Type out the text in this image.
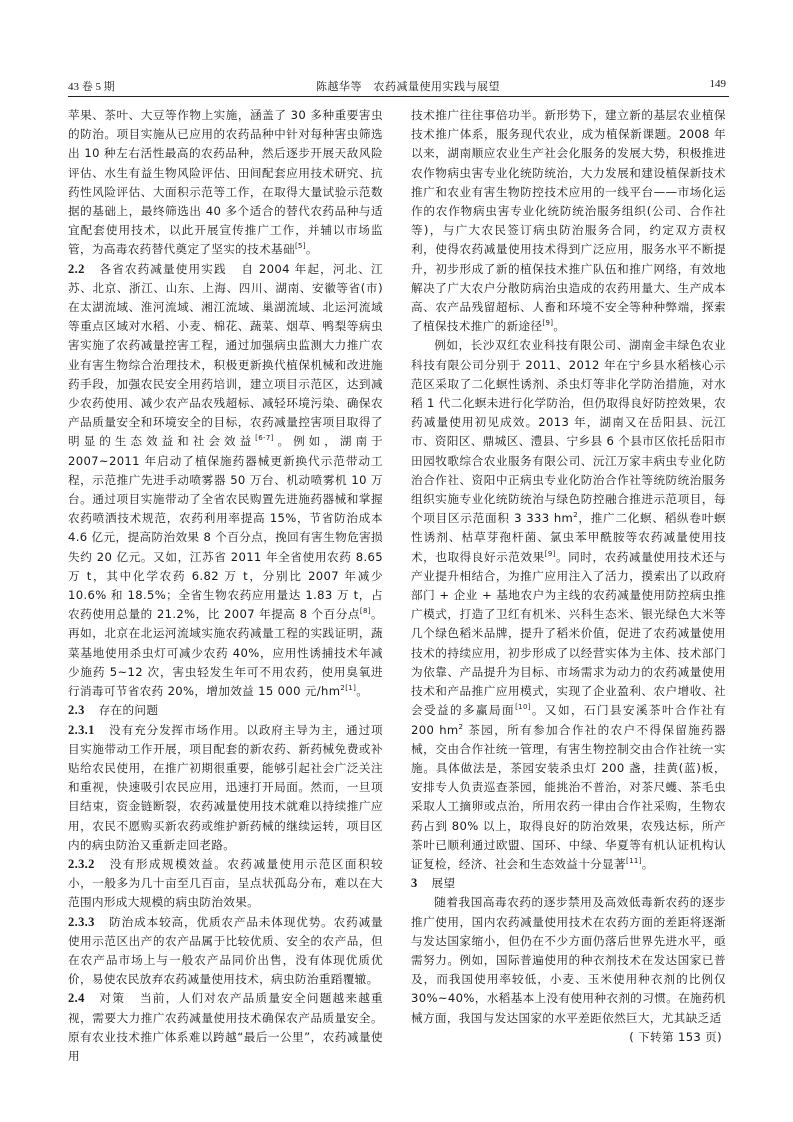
43 卷 5 期	陈越华等　农药减量使用实践与展望	149

苹果、茶叶、大豆等作物上实施，涵盖了 30 多种重要害虫的防治。项目实施从已应用的农药品种中针对每种害虫筛选出 10 种左右活性最高的农药品种，然后逐步开展天敌风险评估、水生有益生物风险评估、田间配套应用技术研究、抗药性风险评估、大面积示范等工作，在取得大量试验示范数据的基础上，最终筛选出 40 多个适合的替代农药品种与适宜配套使用技术，以此开展宣传推广工作，并辅以市场监管，为高毒农药替代奠定了坚实的技术基础[5]。

2.2 各省农药减量使用实践 自 2004 年起，河北、江苏、北京、浙江、山东、上海、四川、湖南、安徽等省(市)在太湖流域、淮河流域、湘江流域、巢湖流域、北运河流域等重点区域对水稻、小麦、棉花、蔬菜、烟草、鸭梨等病虫害实施了农药减量控害工程，通过加强病虫监测大力推广农业有害生物综合治理技术，积极更新换代植保机械和改进施药手段，加强农民安全用药培训，建立项目示范区，达到减少农药使用、减少农产品农残超标、减轻环境污染、确保农产品质量安全和环境安全的目标，农药减量控害项目取得了明显的生态效益和社会效益[6-7]。例如，湖南于 2007~2011 年启动了植保施药器械更新换代示范带动工程，示范推广先进手动喷雾器 50 万台、机动喷雾机 10 万台。通过项目实施带动了全省农民购置先进施药器械和掌握农药喷洒技术规范，农药利用率提高 15%，节省防治成本 4.6 亿元，提高防治效果 8 个百分点，挽回有害生物危害损失约 20 亿元。又如，江苏省 2011 年全省使用农药 8.65 万 t，其中化学农药 6.82 万 t，分别比 2007 年减少 10.6% 和 18.5%；全省生物农药应用量达 1.83 万 t，占农药使用总量的 21.2%，比 2007 年提高 8 个百分点[8]。再如，北京在北运河流域实施农药减量工程的实践证明，蔬菜基地使用杀虫灯可减少农药 40%，应用性诱捕技术年减少施药 5~12 次，害虫轻发生年可不用农药，使用臭氧进行消毒可节省农药 20%，增加效益 15 000 元$/hm^{2[1]}$。

2.3 存在的问题

2.3.1 没有充分发挥市场作用。以政府主导为主，通过项目实施带动工作开展，项目配套的新农药、新药械免费或补贴给农民使用，在推广初期很重要，能够引起社会广泛关注和重视，快速吸引农民应用，迅速打开局面。然而，一旦项目结束，资金链断裂，农药减量使用技术就难以持续推广应用，农民不愿购买新农药或维护新药械的继续运转，项目区内的病虫防治又重新走回老路。

2.3.2 没有形成规模效益。农药减量使用示范区面积较小，一般多为几十亩至几百亩，呈点状孤岛分布，难以在大范围内形成大规模的病虫防治效果。

2.3.3 防治成本较高，优质农产品未体现优势。农药减量使用示范区出产的农产品属于比较优质、安全的农产品，但在农产品市场上与一般农产品同价出售，没有体现优质优价，易使农民放弃农药减量使用技术，病虫防治重蹈覆辙。

2.4 对策 当前，人们对农产品质量安全问题越来越重视，需要大力推广农药减量使用技术确保农产品质量安全。原有农业技术推广体系难以跨越“最后一公里”，农药减量使用

技术推广往往事倍功半。新形势下，建立新的基层农业植保技术推广体系，服务现代农业，成为植保新课题。2008 年以来，湖南顺应农业生产社会化服务的发展大势，积极推进农作物病虫害专业化统防统治，大力发展和建设植保新技术推广和农业有害生物防控技术应用的一线平台——市场化运作的农作物病虫害专业化统防统治服务组织(公司、合作社等)，与广大农民签订病虫防治服务合同，约定双方责权利，使得农药减量使用技术得到广泛应用，服务水平不断提升，初步形成了新的植保技术推广队伍和推广网络，有效地解决了广大农户分散防病治虫造成的农药用量大、生产成本高、农产品残留超标、人畜和环境不安全等种种弊端，探索了植保技术推广的新途径[9]。

例如，长沙双红农业科技有限公司、湖南金丰绿色农业科技有限公司分别于 2011、2012 年在宁乡县水稻核心示范区采取了二化螟性诱剂、杀虫灯等非化学防治措施，对水稻 1 代二化螟未进行化学防治，但仍取得良好防控效果，农药减量使用初见成效。2013 年，湖南又在岳阳县、沅江市、资阳区、鼎城区、澧县、宁乡县 6 个县市区依托岳阳市田园牧歌综合农业服务有限公司、沅江万家丰病虫专业化防治合作社、资阳中正病虫专业化防治合作社等统防统治服务组织实施专业化统防统治与绿色防控融合推进示范项目，每个项目区示范面积 3 333 $hm^2$，推广二化螟、稻纵卷叶螟性诱剂、枯草芽孢杆菌、氯虫苯甲酰胺等农药减量使用技术，也取得良好示范效果[9]。同时，农药减量使用技术还与产业提升相结合，为推广应用注入了活力，摸索出了以政府部门 + 企业 + 基地农户为主线的农药减量使用防控病虫推广模式，打造了卫红有机米、兴科生态米、银光绿色大米等几个绿色稻米品牌，提升了稻米价值，促进了农药减量使用技术的持续应用，初步形成了以经营实体为主体、技术部门为依靠、产品提升为目标、市场需求为动力的农药减量使用技术和产品推广应用模式，实现了企业盈利、农户增收、社会受益的多赢局面[10]。又如，石门县安溪茶叶合作社有 200 $hm^2$ 茶园，所有参加合作社的农户不得保留施药器械，交由合作社统一管理，有害生物控制交由合作社统一实施。具体做法是，茶园安装杀虫灯 200 盏，挂黄(蓝)板，安排专人负责巡查茶园，能挑治不普治，对茶尺蠖、茶毛虫采取人工摘卵或点治，所用农药一律由合作社采购，生物农药占到 80% 以上，取得良好的防治效果，农残达标，所产茶叶已顺利通过欧盟、国环、中绿、华夏等有机认证机构认证复检，经济、社会和生态效益十分显著[11]。

3 展望

随着我国高毒农药的逐步禁用及高效低毒新农药的逐步推广使用，国内农药减量使用技术在农药方面的差距将逐渐与发达国家缩小，但仍在不少方面仍落后世界先进水平，亟需努力。例如，国际普遍使用的种衣剂技术在发达国家已普及，而我国使用率较低，小麦、玉米使用种衣剂的比例仅 30%~40%，水稻基本上没有使用种衣剂的习惯。在施药机械方面，我国与发达国家的水平差距依然巨大，尤其缺乏适

( 下转第 153 页)
